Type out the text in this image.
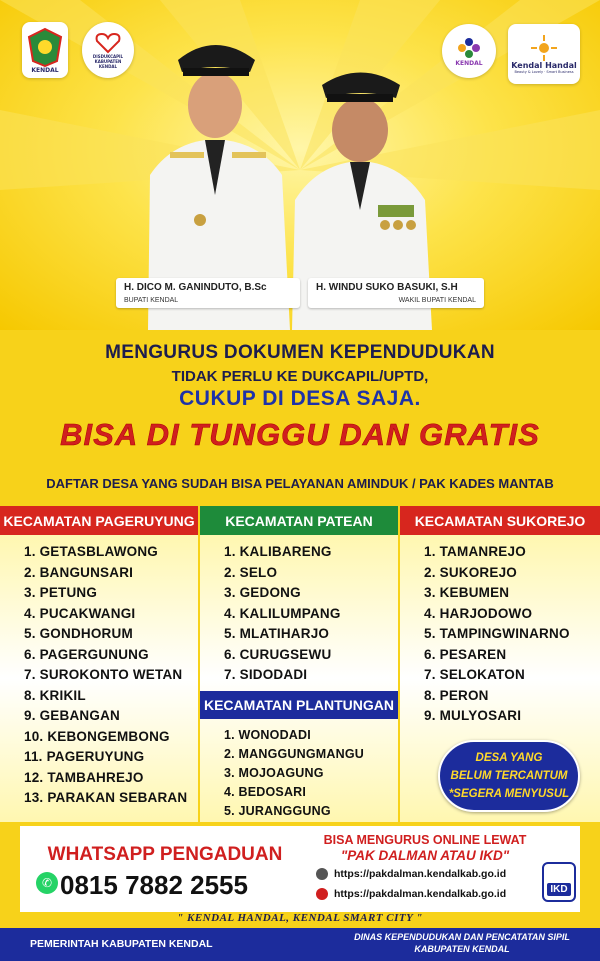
KENDAL
DISDUKCAPIL KABUPATEN KENDAL	KENDAL	Kendal Handal
Beauty & Lovely · Smart Business
H. DICO M. GANINDUTO, B.Sc
BUPATI KENDAL
H. WINDU SUKO BASUKI, S.H
WAKIL BUPATI KENDAL
MENGURUS DOKUMEN KEPENDUDUKAN
TIDAK PERLU KE DUKCAPIL/UPTD,
CUKUP DI DESA SAJA.
BISA DI TUNGGU DAN GRATIS
DAFTAR DESA YANG SUDAH BISA PELAYANAN AMINDUK / PAK KADES MANTAB
KECAMATAN PAGERUYUNG	KECAMATAN PATEAN	KECAMATAN SUKOREJO
1. GETASBLAWONG
2. BANGUNSARI
3. PETUNG
4. PUCAKWANGI
5. GONDHORUM
6. PAGERGUNUNG
7. SUROKONTO WETAN
8. KRIKIL
9. GEBANGAN
10. KEBONGEMBONG
11. PAGERUYUNG
12. TAMBAHREJO
13. PARAKAN SEBARAN
1. KALIBARENG
2. SELO
3. GEDONG
4. KALILUMPANG
5. MLATIHARJO
6. CURUGSEWU
7. SIDODADI
KECAMATAN PLANTUNGAN
1. WONODADI
2. MANGGUNGMANGU
3. MOJOAGUNG
4. BEDOSARI
5. JURANGGUNG
1. TAMANREJO
2. SUKOREJO
3. KEBUMEN
4. HARJODOWO
5. TAMPINGWINARNO
6. PESAREN
7. SELOKATON
8. PERON
9. MULYOSARI
DESA YANG
BELUM TERCANTUM
*SEGERA MENYUSUL
WHATSAPP PENGADUAN
✆ 0815 7882 2555
BISA MENGURUS ONLINE LEWAT
"PAK DALMAN ATAU IKD"
https://pakdalman.kendalkab.go.id
https://pakdalman.kendalkab.go.id	IKD
" KENDAL HANDAL, KENDAL SMART CITY "
PEMERINTAH KABUPATEN KENDAL
DINAS KEPENDUDUKAN DAN PENCATATAN SIPIL KABUPATEN KENDAL
